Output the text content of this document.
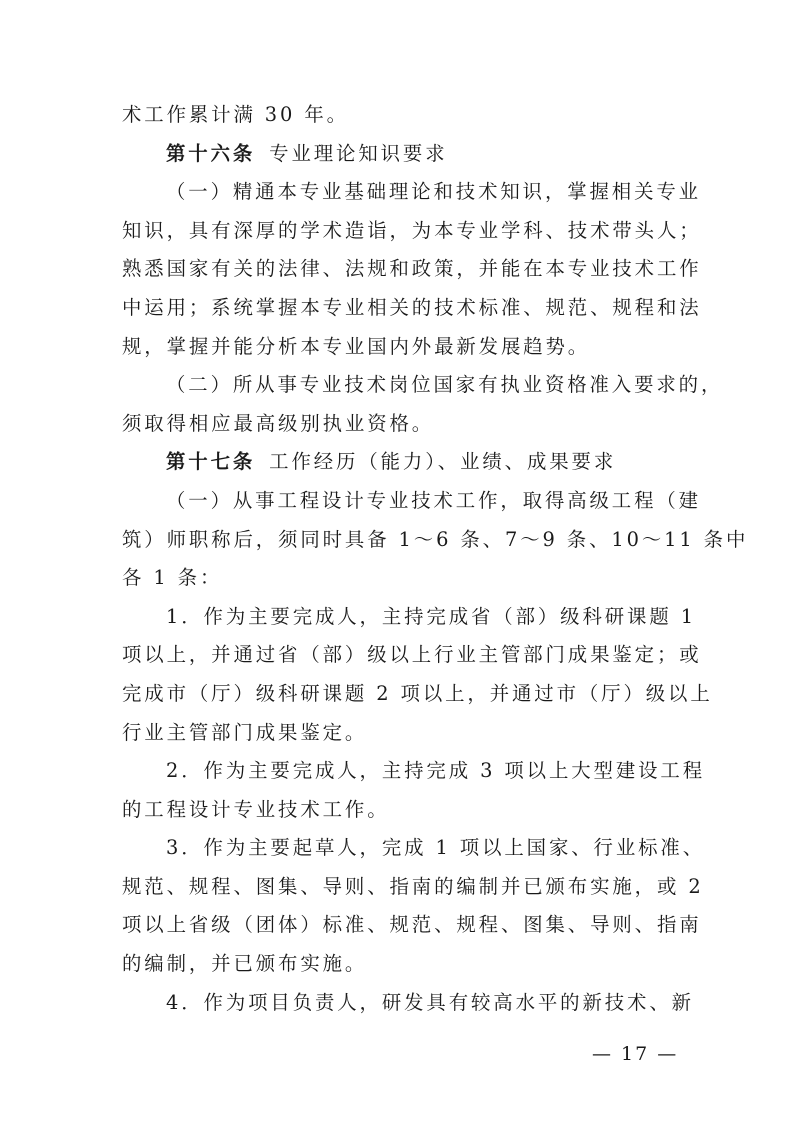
术工作累计满 30 年。
第十六条 专业理论知识要求
（一）精通本专业基础理论和技术知识，掌握相关专业
知识，具有深厚的学术造诣，为本专业学科、技术带头人；
熟悉国家有关的法律、法规和政策，并能在本专业技术工作
中运用；系统掌握本专业相关的技术标准、规范、规程和法
规，掌握并能分析本专业国内外最新发展趋势。
（二）所从事专业技术岗位国家有执业资格准入要求的，
须取得相应最高级别执业资格。
第十七条 工作经历（能力）、业绩、成果要求
（一）从事工程设计专业技术工作，取得高级工程（建
筑）师职称后，须同时具备 1～6 条、7～9 条、10～11 条中
各 1 条：
1．作为主要完成人，主持完成省（部）级科研课题 1
项以上，并通过省（部）级以上行业主管部门成果鉴定；或
完成市（厅）级科研课题 2 项以上，并通过市（厅）级以上
行业主管部门成果鉴定。
2．作为主要完成人，主持完成 3 项以上大型建设工程
的工程设计专业技术工作。
3．作为主要起草人，完成 1 项以上国家、行业标准、
规范、规程、图集、导则、指南的编制并已颁布实施，或 2
项以上省级（团体）标准、规范、规程、图集、导则、指南
的编制，并已颁布实施。
4．作为项目负责人，研发具有较高水平的新技术、新
— 17 —
